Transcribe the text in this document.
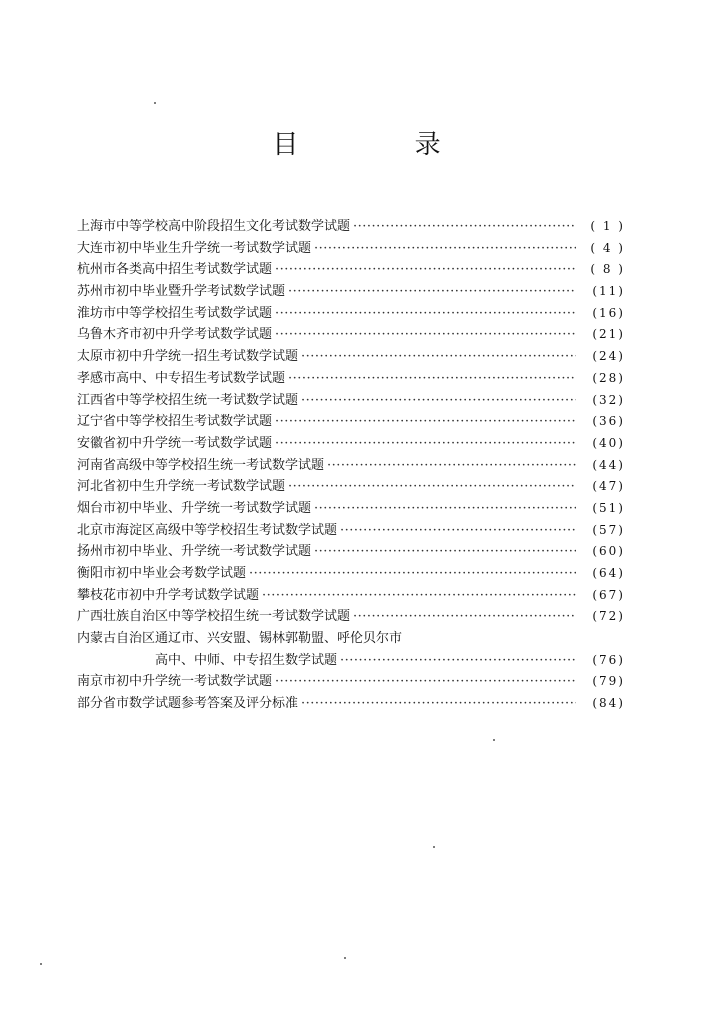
目 录
上海市中等学校高中阶段招生文化考试数学试题 ·····	( 1 )
大连市初中毕业生升学统一考试数学试题 ·····	( 4 )
杭州市各类高中招生考试数学试题 ·····	( 8 )
苏州市初中毕业暨升学考试数学试题 ·····	(11)
淮坊市中等学校招生考试数学试题 ·····	(16)
乌鲁木齐市初中升学考试数学试题 ·····	(21)
太原市初中升学统一招生考试数学试题 ·····	(24)
孝感市高中、中专招生考试数学试题 ·····	(28)
江西省中等学校招生统一考试数学试题 ·····	(32)
辽宁省中等学校招生考试数学试题 ·····	(36)
安徽省初中升学统一考试数学试题 ·····	(40)
河南省高级中等学校招生统一考试数学试题 ·····	(44)
河北省初中生升学统一考试数学试题 ·····	(47)
烟台市初中毕业、升学统一考试数学试题 ·····	(51)
北京市海淀区高级中等学校招生考试数学试题 ·····	(57)
扬州市初中毕业、升学统一考试数学试题 ·····	(60)
衡阳市初中毕业会考数学试题 ·····	(64)
攀枝花市初中升学考试数学试题 ·····	(67)
广西壮族自治区中等学校招生统一考试数学试题 ·····	(72)
内蒙古自治区通辽市、兴安盟、锡林郭勒盟、呼伦贝尔市
高中、中师、中专招生数学试题 ·····	(76)
南京市初中升学统一考试数学试题 ·····	(79)
部分省市数学试题参考答案及评分标准 ·····	(84)
